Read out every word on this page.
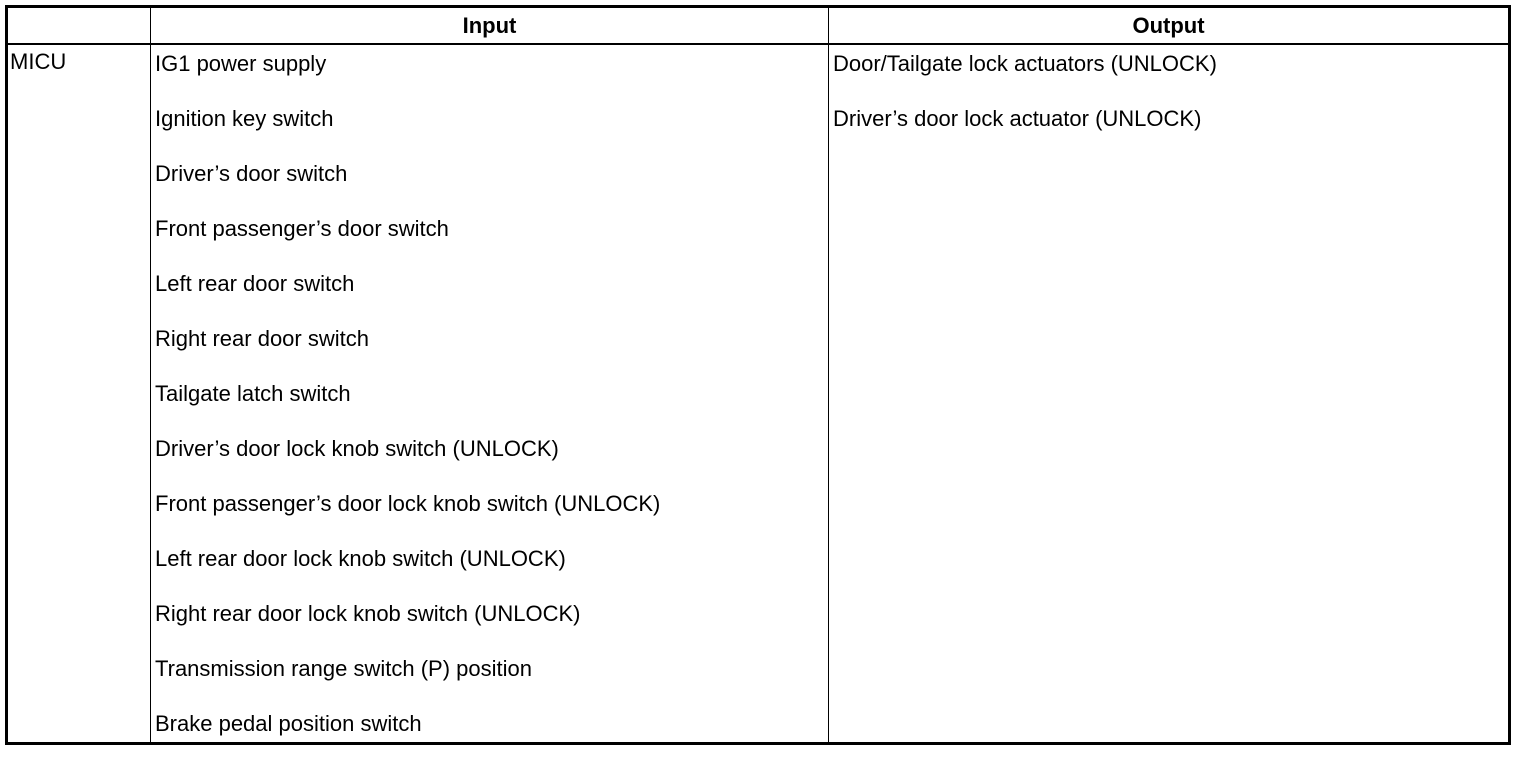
Input	Output
MICU	IG1 power supply
Ignition key switch
Driver’s door switch
Front passenger’s door switch
Left rear door switch
Right rear door switch
Tailgate latch switch
Driver’s door lock knob switch (UNLOCK)
Front passenger’s door lock knob switch (UNLOCK)
Left rear door lock knob switch (UNLOCK)
Right rear door lock knob switch (UNLOCK)
Transmission range switch (P) position
Brake pedal position switch
Door/Tailgate lock actuators (UNLOCK)
Driver’s door lock actuator (UNLOCK)
